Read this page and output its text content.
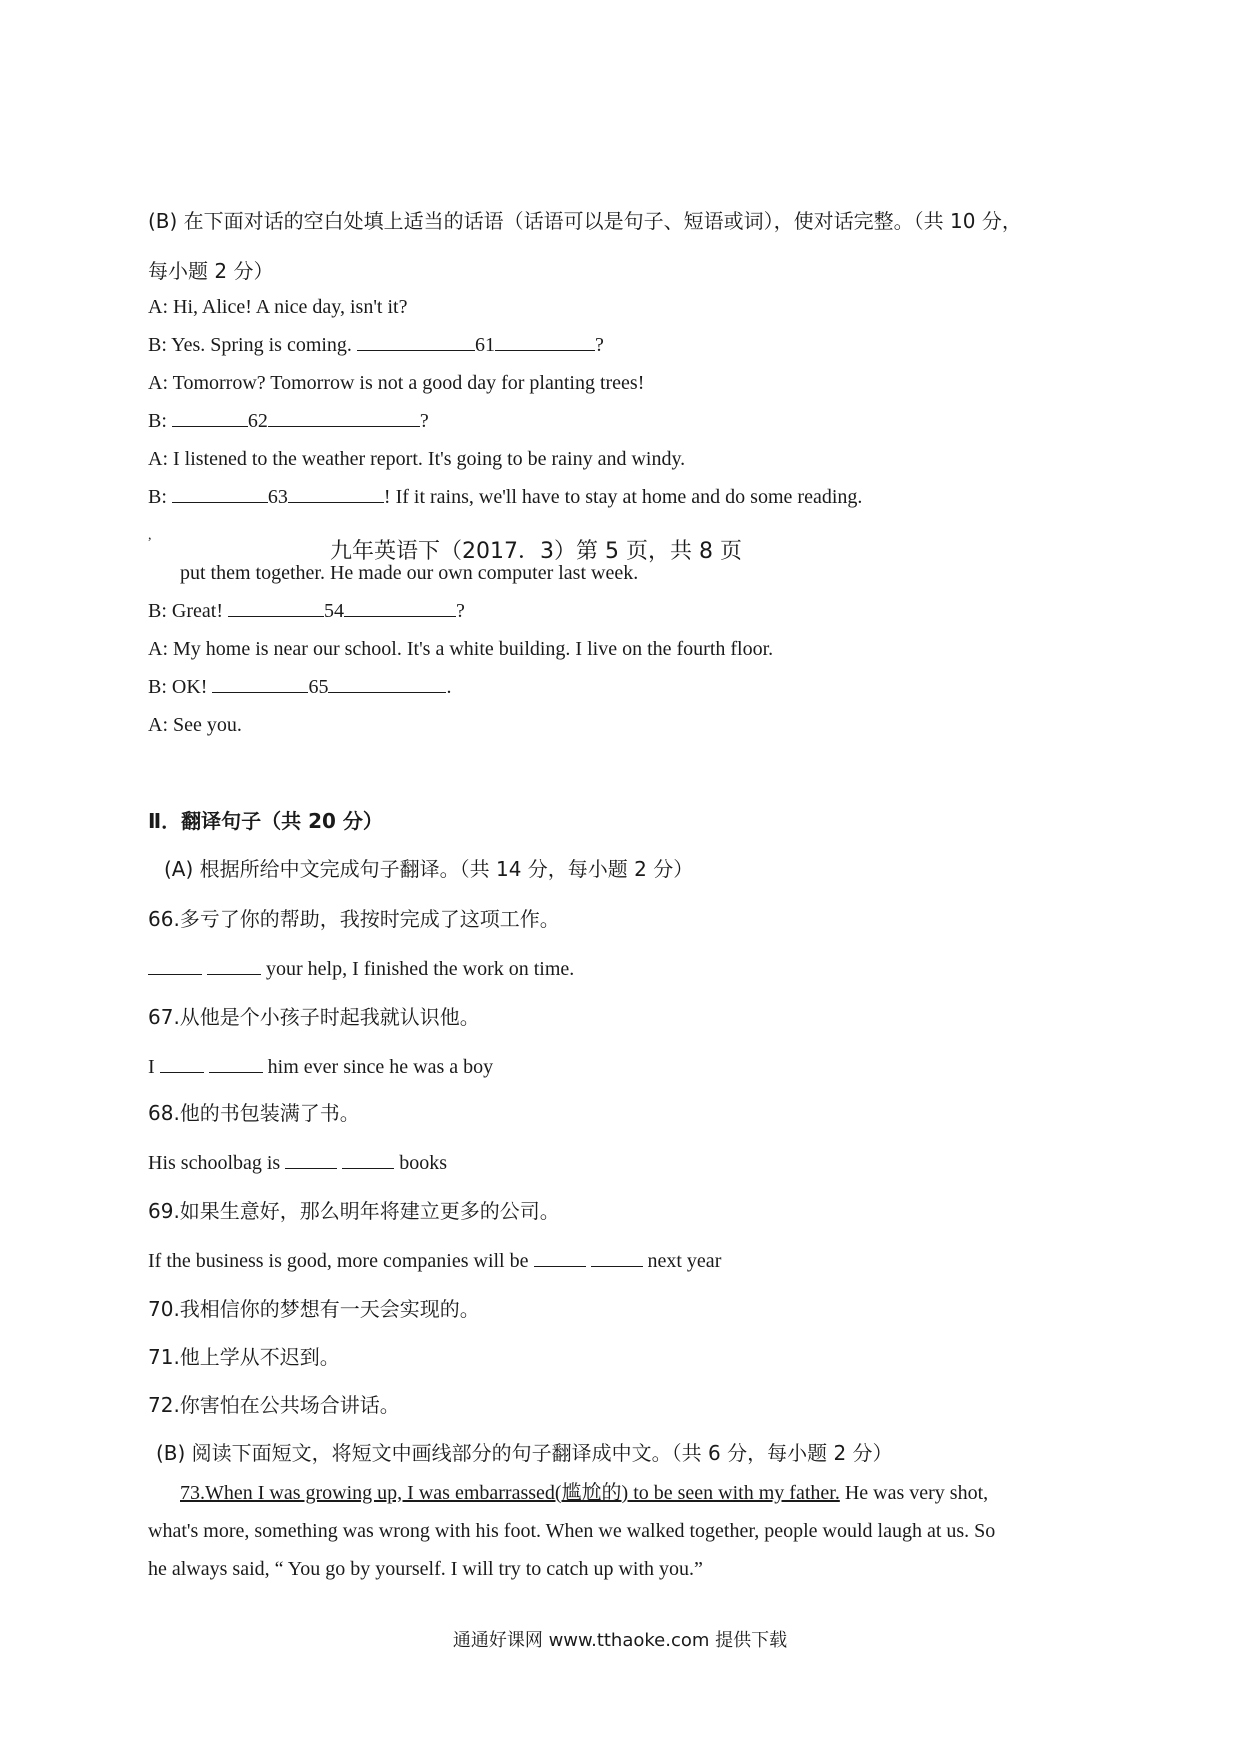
(B) 在下面对话的空白处填上适当的话语（话语可以是句子、短语或词），使对话完整。（共 10 分，
每小题 2 分）
A: Hi, Alice! A nice day, isn't it?
B: Yes. Spring is coming.	61	?
A: Tomorrow? Tomorrow is not a good day for planting trees!
B:	62	?
A: I listened to the weather report. It's going to be rainy and windy.
B:	63	! If it rains, we'll have to stay at home and do some reading.
,
九年英语下（2017．3）第 5 页，共 8 页
put them together. He made our own computer last week.
B: Great!	54	?
A: My home is near our school. It's a white building. I live on the fourth floor.
B: OK!	65	.
A: See you.
Ⅱ．翻译句子（共 20 分）
(A) 根据所给中文完成句子翻译。（共 14 分，每小题 2 分）
66.多亏了你的帮助，我按时完成了这项工作。
your help, I finished the work on time.
67.从他是个小孩子时起我就认识他。
I	him ever since he was a boy
68.他的书包装满了书。
His schoolbag is	books
69.如果生意好，那么明年将建立更多的公司。
If the business is good, more companies will be	next year
70.我相信你的梦想有一天会实现的。
71.他上学从不迟到。
72.你害怕在公共场合讲话。
(B) 阅读下面短文，将短文中画线部分的句子翻译成中文。（共 6 分，每小题 2 分）
73.When I was growing up, I was embarrassed(尴尬的) to be seen with my father. He was very shot,
what's more, something was wrong with his foot. When we walked together, people would laugh at us. So
he always said, “ You go by yourself. I will try to catch up with you.”
通通好课网 www.tthaoke.com 提供下载
